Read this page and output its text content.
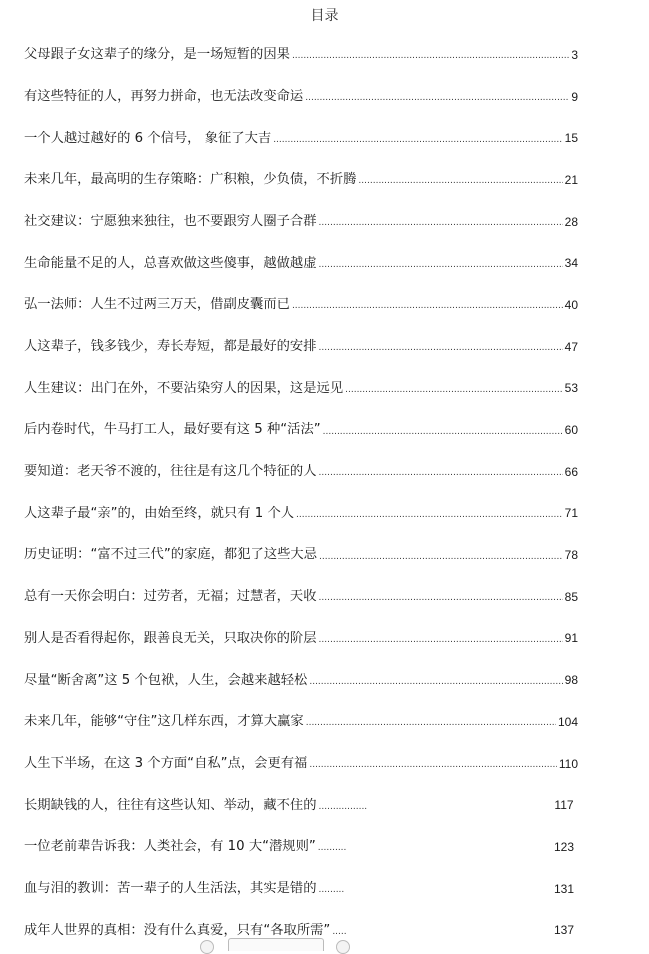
目录
父母跟子女这辈子的缘分，是一场短暂的因果 .....	3
有这些特征的人，再努力拼命，也无法改变命运 .....	9
一个人越过越好的 6 个信号， 象征了大吉 .....	15
未来几年，最高明的生存策略：广积粮，少负债，不折腾 .....	21
社交建议：宁愿独来独往，也不要跟穷人圈子合群 .....	28
生命能量不足的人，总喜欢做这些傻事，越做越虚 .....	34
弘一法师：人生不过两三万天，借副皮囊而已 .....	40
人这辈子，钱多钱少，寿长寿短，都是最好的安排 .....	47
人生建议：出门在外，不要沾染穷人的因果，这是远见 .....	53
后内卷时代，牛马打工人，最好要有这 5 种“活法” .....	60
要知道：老天爷不渡的，往往是有这几个特征的人 .....	66
人这辈子最“亲”的，由始至终，就只有 1 个人 .....	71
历史证明：“富不过三代”的家庭，都犯了这些大忌 .....	78
总有一天你会明白：过劳者，无福；过慧者，天收 .....	85
别人是否看得起你，跟善良无关，只取决你的阶层 .....	91
尽量“断舍离”这 5 个包袱，人生，会越来越轻松 .....	98
未来几年，能够“守住”这几样东西，才算大赢家 .....	104
人生下半场，在这 3 个方面“自私”点，会更有福 .....	110
长期缺钱的人，往往有这些认知、举动，藏不住的 .....	117
一位老前辈告诉我：人类社会，有 10 大“潜规则” .....	123
血与泪的教训：苦一辈子的人生活法，其实是错的 .....	131
成年人世界的真相：没有什么真爱，只有“各取所需” .....	137
